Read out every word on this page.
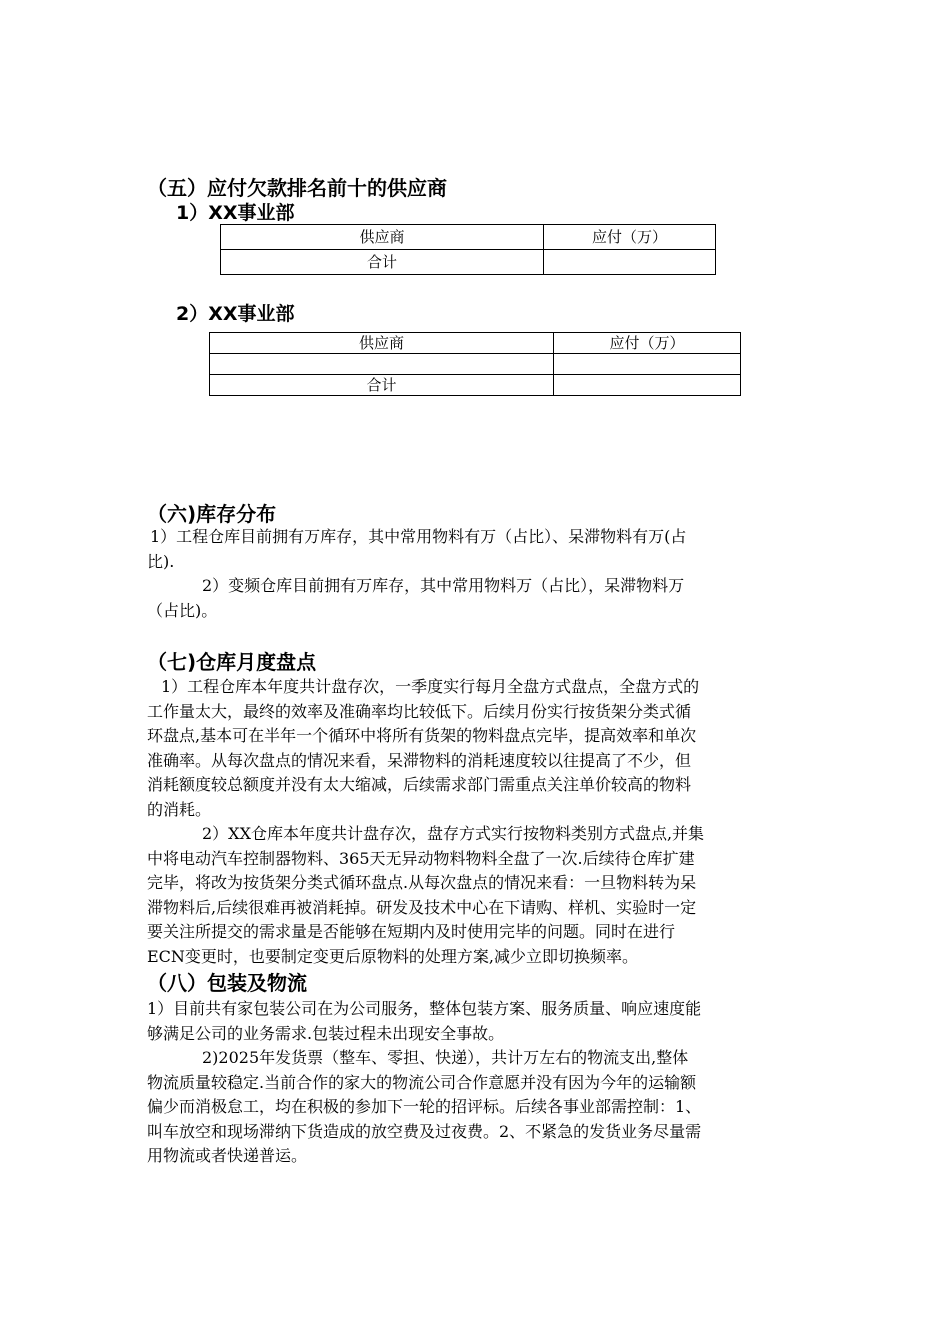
（五）应付欠款排名前十的供应商
1）XX事业部
供应商	应付（万）
合计	
2）XX事业部
供应商	应付（万）

合计	
（六)库存分布
1）工程仓库目前拥有万库存，其中常用物料有万（占比）、呆滞物料有万(占
比).
2）变频仓库目前拥有万库存，其中常用物料万（占比），呆滞物料万
（占比)。
（七)仓库月度盘点
1）工程仓库本年度共计盘存次，一季度实行每月全盘方式盘点，全盘方式的
工作量太大，最终的效率及准确率均比较低下。后续月份实行按货架分类式循
环盘点,基本可在半年一个循环中将所有货架的物料盘点完毕，提高效率和单次
准确率。从每次盘点的情况来看，呆滞物料的消耗速度较以往提高了不少，但
消耗额度较总额度并没有太大缩减，后续需求部门需重点关注单价较高的物料
的消耗。
2）XX仓库本年度共计盘存次，盘存方式实行按物料类别方式盘点,并集
中将电动汽车控制器物料、365天无异动物料物料全盘了一次.后续待仓库扩建
完毕，将改为按货架分类式循环盘点.从每次盘点的情况来看：一旦物料转为呆
滞物料后,后续很难再被消耗掉。研发及技术中心在下请购、样机、实验时一定
要关注所提交的需求量是否能够在短期内及时使用完毕的问题。同时在进行
ECN变更时，也要制定变更后原物料的处理方案,减少立即切换频率。
（八）包装及物流
1）目前共有家包装公司在为公司服务，整体包装方案、服务质量、响应速度能
够满足公司的业务需求.包装过程未出现安全事故。
2)2025年发货票（整车、零担、快递），共计万左右的物流支出,整体
物流质量较稳定.当前合作的家大的物流公司合作意愿并没有因为今年的运输额
偏少而消极怠工，均在积极的参加下一轮的招评标。后续各事业部需控制：1、
叫车放空和现场滞纳下货造成的放空费及过夜费。2、不紧急的发货业务尽量需
用物流或者快递普运。
